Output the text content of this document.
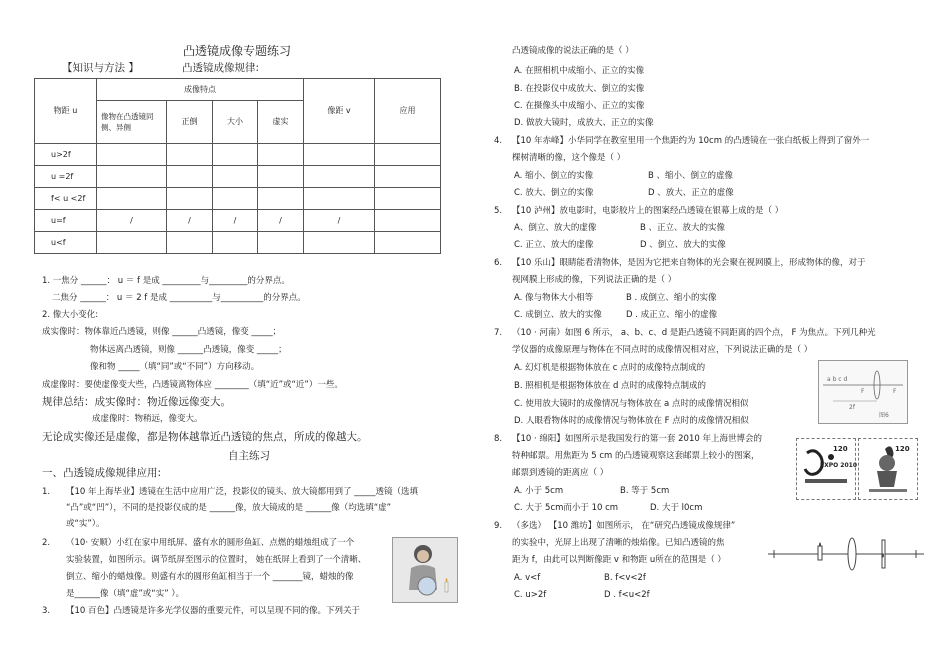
凸透镜成像专题练习
【知识与方法 】	凸透镜成像规律:
物距 u	成像特点				像距 v	应用
	像物在凸透镜同侧、异侧	正倒	大小	虚实		
u>2f						
u =2f						
f< u <2f						
u=f	/	/	/	/	/	
u<f						
1. 一焦分 ______： u ＝ f 是成 _________与_________的分界点。
二焦分 ______： u ＝ 2 f 是成 __________与__________的分界点。
2. 像大小变化:
成实像时：物体靠近凸透镜，则像 ______凸透镜，像变 _____；
物体远离凸透镜，则像 ______凸透镜，像变 _____；
像和物 _____（填“同”或“不同”）方向移动。
成虚像时：要使虚像变大些，凸透镜离物体应 ________（填“近”或“近”）一些。
规律总结：成实像时：物近像远像变大。
成虚像时：物稍远，像变大。
无论成实像还是虚像，都是物体越靠近凸透镜的焦点，所成的像越大。
自主练习
一、凸透镜成像规律应用:
1. 【10 年上海毕业】透镜在生活中应用广泛，投影仪的镜头、放大镜都用到了 _____透镜（选填
“凸”或“凹”），不同的是投影仪成的是 ______像，放大镜成的是 ______像（均选填“虚”
或“实”）。
2. （10· 安顺）小红在家中用纸屏、盛有水的圆形鱼缸、点燃的蜡烛组成了一个
实验装置，如图所示。调节纸屏至图示的位置时， 她在纸屏上看到了一个清晰、
倒立、缩小的蜡烛像。则盛有水的圆形鱼缸相当于一个 _______镜，蜡烛的像
是______像（填“虚”或“实” ）。
3. 【10 百色】凸透镜是许多光学仪器的重要元件，可以呈现不同的像。下列关于
凸透镜成像的说法正确的是（ ）
A. 在照相机中成缩小、正立的实像
B. 在投影仪中成放大、倒立的实像
C. 在摄像头中成缩小、正立的实像
D. 做放大镜时，成放大、正立的实像
4. 【10 年赤峰】小华同学在教室里用一个焦距约为 10cm 的凸透镜在一张白纸板上得到了窗外一
棵树清晰的像，这个像是（ ）
A. 缩小、倒立的实像	B 、缩小、倒立的虚像
C. 放大、倒立的实像	D 、放大、正立的虚像
5. 【10 泸州】放电影时，电影胶片上的图案经凸透镜在银幕上成的是（ ）
A、倒立、放大的虚像	B 、正立、放大的实像
C. 正立、放大的虚像	D 、倒立、放大的实像
6. 【10 乐山】眼睛能看清物体，是因为它把来自物体的光会聚在视网膜上，形成物体的像，对于
视网膜上形成的像，下列说法正确的是（ ）
A. 像与物体大小相等	B . 成倒立、缩小的实像
C. 成倒立、放大的实像	D . 成正立、缩小的虚像
7. （10 · 河南）如图 6 所示， a、b、c、d 是距凸透镜不同距离的四个点， F 为焦点。下列几种光
学仪器的成像原理与物体在不同点时的成像情况相对应，下列说法正确的是（ ）
A. 幻灯机是根据物体放在 c 点时的成像特点制成的
B. 照相机是根据物体放在 d 点时的成像特点制成的
C. 使用放大镜时的成像情况与物体放在 a 点时的成像情况相似
D. 人眼看物体时的成像情况与物体放在 F 点时的成像情况相似
a b c d
F	F
图6
2f
8. 【10 · 绵阳】如图所示是我国发行的第一套 2010 年上海世博会的
特种邮票。用焦距为 5 cm 的凸透镜观察这套邮票上较小的图案，
邮票到透镜的距离应（ ）
A. 小于 5cm	B. 等于 5cm
C. 大于 5cm而小于 10 cm	D. 大于 l0cm
120	120
EXPO 2010
9. （多选） 【10 潍坊】如图所示， 在“研究凸透镜成像规律”
的实验中，光屏上出现了清晰的烛焰像。已知凸透镜的焦
距为 f，由此可以判断像距 v 和物距 u所在的范围是（ ）
A. v<f	B. f<v<2f
C. u>2f	D . f<u<2f
